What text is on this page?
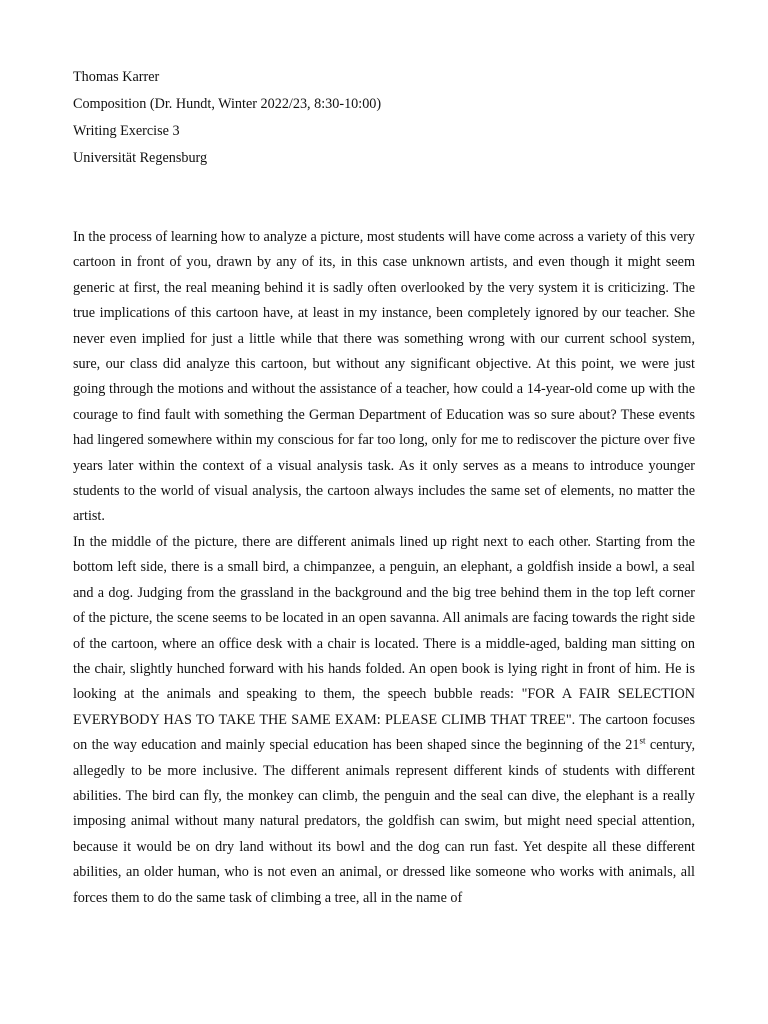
Thomas Karrer
Composition (Dr. Hundt, Winter 2022/23, 8:30-10:00)
Writing Exercise 3
Universität Regensburg

In the process of learning how to analyze a picture, most students will have come across a variety of this very cartoon in front of you, drawn by any of its, in this case unknown artists, and even though it might seem generic at first, the real meaning behind it is sadly often overlooked by the very system it is criticizing. The true implications of this cartoon have, at least in my instance, been completely ignored by our teacher. She never even implied for just a little while that there was something wrong with our current school system, sure, our class did analyze this cartoon, but without any significant objective. At this point, we were just going through the motions and without the assistance of a teacher, how could a 14-year-old come up with the courage to find fault with something the German Department of Education was so sure about? These events had lingered somewhere within my conscious for far too long, only for me to rediscover the picture over five years later within the context of a visual analysis task. As it only serves as a means to introduce younger students to the world of visual analysis, the cartoon always includes the same set of elements, no matter the artist.

In the middle of the picture, there are different animals lined up right next to each other. Starting from the bottom left side, there is a small bird, a chimpanzee, a penguin, an elephant, a goldfish inside a bowl, a seal and a dog. Judging from the grassland in the background and the big tree behind them in the top left corner of the picture, the scene seems to be located in an open savanna. All animals are facing towards the right side of the cartoon, where an office desk with a chair is located. There is a middle-aged, balding man sitting on the chair, slightly hunched forward with his hands folded. An open book is lying right in front of him. He is looking at the animals and speaking to them, the speech bubble reads: "FOR A FAIR SELECTION EVERYBODY HAS TO TAKE THE SAME EXAM: PLEASE CLIMB THAT TREE". The cartoon focuses on the way education and mainly special education has been shaped since the beginning of the 21st century, allegedly to be more inclusive. The different animals represent different kinds of students with different abilities. The bird can fly, the monkey can climb, the penguin and the seal can dive, the elephant is a really imposing animal without many natural predators, the goldfish can swim, but might need special attention, because it would be on dry land without its bowl and the dog can run fast. Yet despite all these different abilities, an older human, who is not even an animal, or dressed like someone who works with animals, all forces them to do the same task of climbing a tree, all in the name of
